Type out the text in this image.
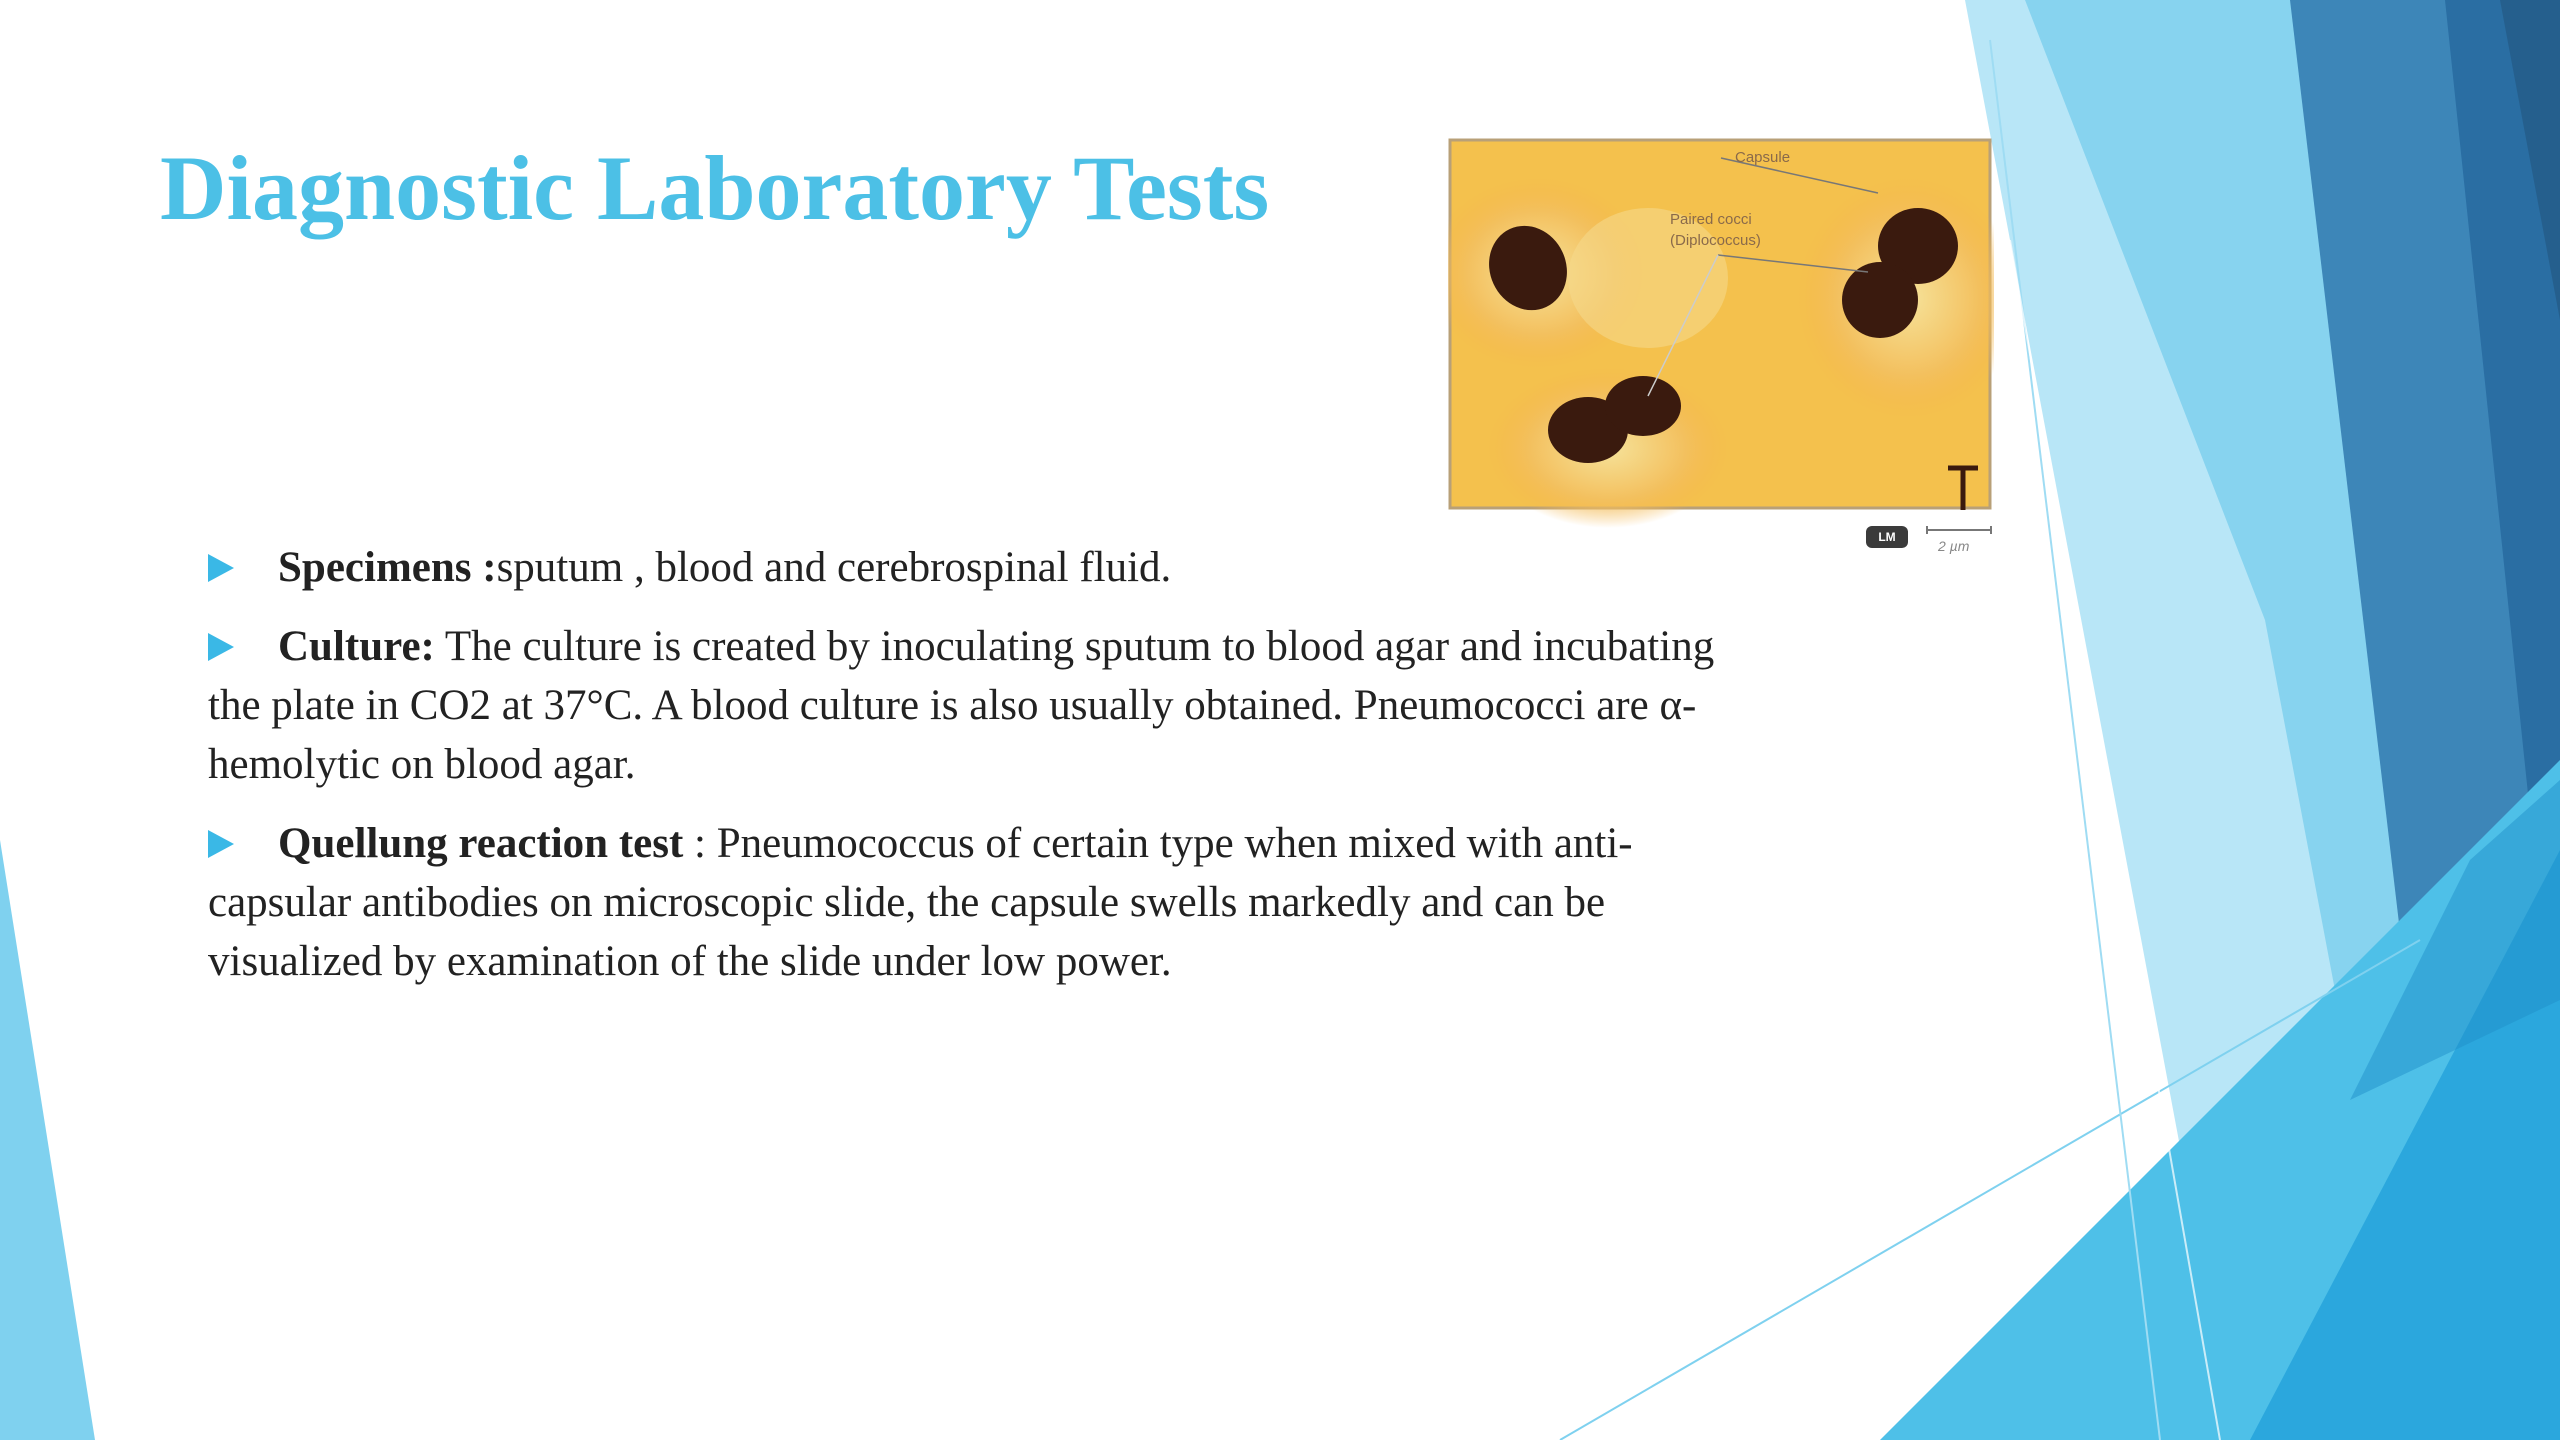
Diagnostic Laboratory Tests	Capsule
Paired cocci
(Diplococcus)
LM
2 µm
Specimens :sputum , blood and cerebrospinal fluid.
Culture: The culture is created by inoculating sputum to blood agar and incubating
the plate in CO2 at 37°C. A blood culture is also usually obtained. Pneumococci are α-
hemolytic on blood agar.
Quellung reaction test : Pneumococcus of certain type when mixed with anti-
capsular antibodies on microscopic slide, the capsule swells markedly and can be
visualized by examination of the slide under low power.
